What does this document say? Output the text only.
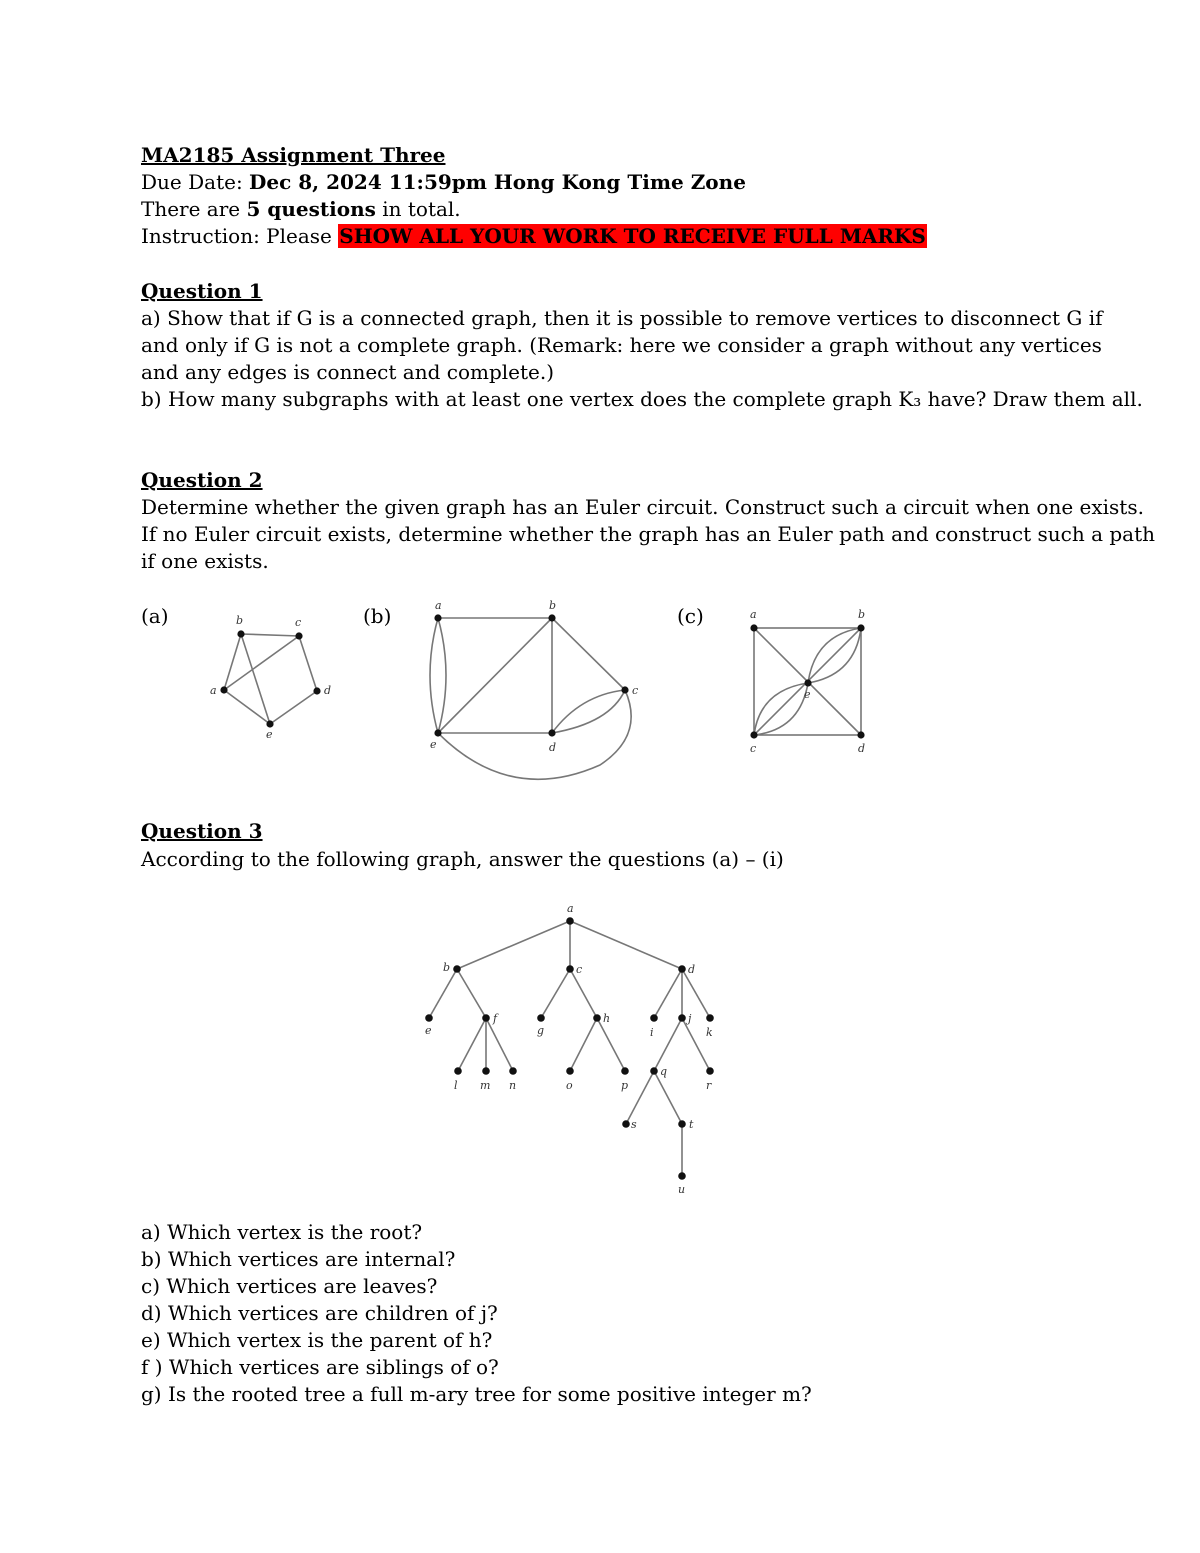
MA2185 Assignment Three
Due Date: Dec 8, 2024 11:59pm Hong Kong Time Zone
There are 5 questions in total.
Instruction: Please SHOW ALL YOUR WORK TO RECEIVE FULL MARKS
Question 1
a) Show that if G is a connected graph, then it is possible to remove vertices to disconnect G if
and only if G is not a complete graph. (Remark: here we consider a graph without any vertices
and any edges is connect and complete.)
b) How many subgraphs with at least one vertex does the complete graph K₃ have? Draw them all.
Question 2
Determine whether the given graph has an Euler circuit. Construct such a circuit when one exists.
If no Euler circuit exists, determine whether the graph has an Euler path and construct such a path
if one exists.
(a)	(b)	(c)
a
b	c
d
e
a	b
c
d
e
a	b
c	d
e
Question 3
According to the following graph, answer the questions (a) – (i)
a
b	c	d
e
f
g
h
i
j
k
l m n	o	p
q
r
s	t
u
a) Which vertex is the root?
b) Which vertices are internal?
c) Which vertices are leaves?
d) Which vertices are children of j?
e) Which vertex is the parent of h?
f ) Which vertices are siblings of o?
g) Is the rooted tree a full m-ary tree for some positive integer m?
